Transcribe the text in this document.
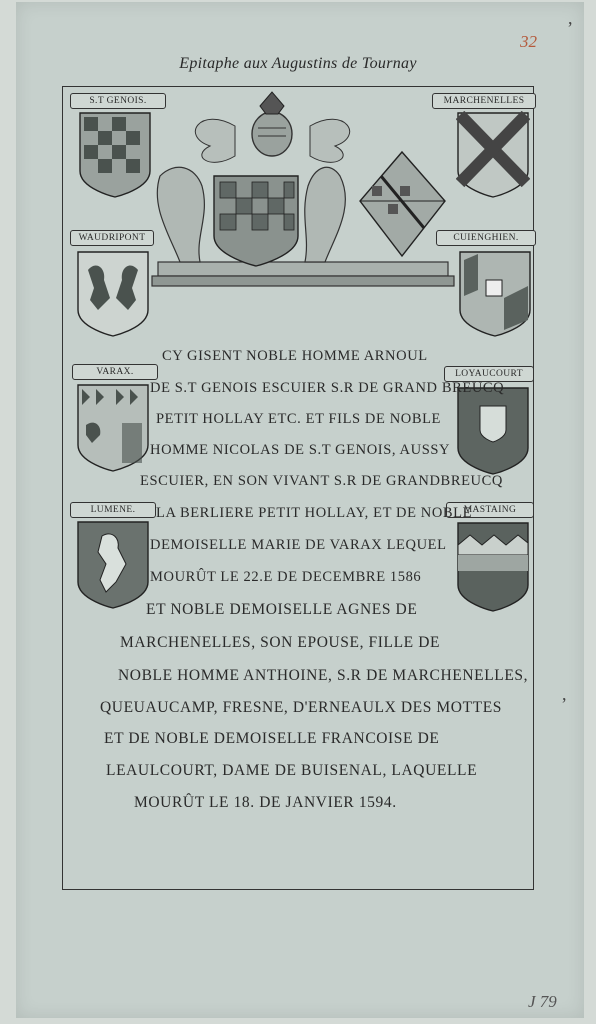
32
Epitaphe aux Augustins de Tournay
S.T GENOIS.	MARCHENELLES
WAUDRIPONT	CUIENGHIEN.
VARAX.	LOYAUCOURT
LUMENE.	MASTAING
CY GISENT NOBLE HOMME ARNOUL
DE S.T GENOIS ESCUIER S.R DE GRAND BREUCQ
PETIT HOLLAY ETC. ET FILS DE NOBLE
HOMME NICOLAS DE S.T GENOIS, AUSSY
ESCUIER, EN SON VIVANT S.R DE GRANDBREUCQ
LA BERLIERE PETIT HOLLAY, ET DE NOBLE
DEMOISELLE MARIE DE VARAX LEQUEL
MOURÛT LE 22.E DE DECEMBRE 1586
ET NOBLE DEMOISELLE AGNES DE
MARCHENELLES, SON EPOUSE, FILLE DE
NOBLE HOMME ANTHOINE, S.R DE MARCHENELLES,
QUEUAUCAMP, FRESNE, D'ERNEAULX DES MOTTES
ET DE NOBLE DEMOISELLE FRANCOISE DE
LEAULCOURT, DAME DE BUISENAL, LAQUELLE
MOURÛT LE 18. DE JANVIER 1594.
,
,
J 79
